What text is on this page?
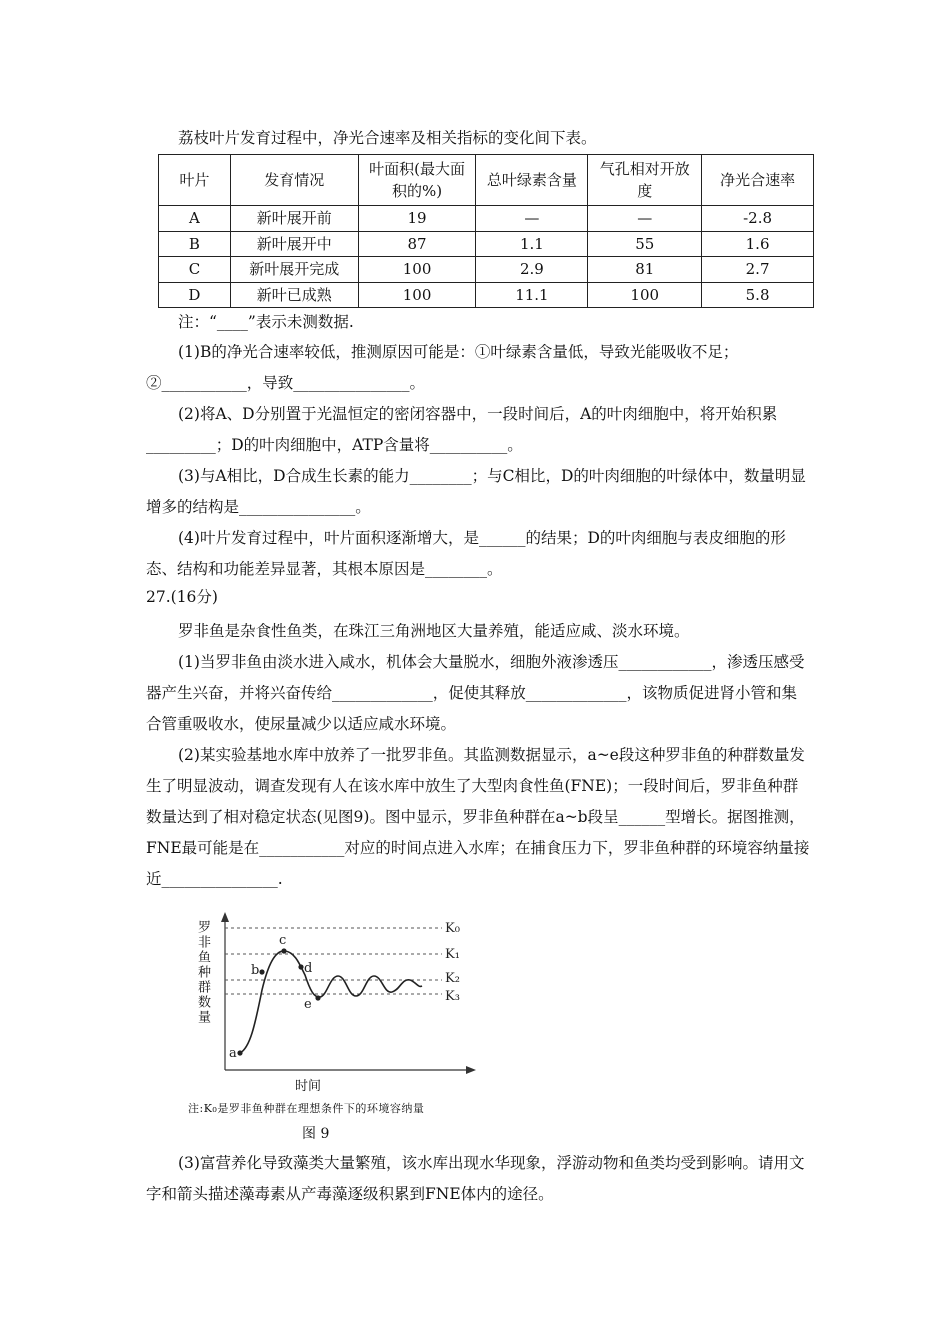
荔枝叶片发育过程中，净光合速率及相关指标的变化间下表。

叶片	发育情况	叶面积(最大面积的%)	总叶绿素含量	气孔相对开放度	净光合速率
A	新叶展开前	19	—	—	-2.8
B	新叶展开中	87	1.1	55	1.6
C	新叶展开完成	100	2.9	81	2.7
D	新叶已成熟	100	11.1	100	5.8
注：“____”表示未测数据.

(1)B的净光合速率较低，推测原因可能是：①叶绿素含量低，导致光能吸收不足；②___________，导致_______________。

(2)将A、D分别置于光温恒定的密闭容器中，一段时间后，A的叶肉细胞中，将开始积累_________；D的叶肉细胞中，ATP含量将__________。

(3)与A相比，D合成生长素的能力________；与C相比，D的叶肉细胞的叶绿体中，数量明显增多的结构是_______________。

(4)叶片发育过程中，叶片面积逐渐增大，是______的结果；D的叶肉细胞与表皮细胞的形态、结构和功能差异显著，其根本原因是________。

27.(16分)

罗非鱼是杂食性鱼类，在珠江三角洲地区大量养殖，能适应咸、淡水环境。

(1)当罗非鱼由淡水进入咸水，机体会大量脱水，细胞外液渗透压____________，渗透压感受器产生兴奋，并将兴奋传给_____________，促使其释放_____________，该物质促进肾小管和集合管重吸收水，使尿量减少以适应咸水环境。

(2)某实验基地水库中放养了一批罗非鱼。其监测数据显示，a~e段这种罗非鱼的种群数量发生了明显波动，调查发现有人在该水库中放生了大型肉食性鱼(FNE)；一段时间后，罗非鱼种群数量达到了相对稳定状态(见图9)。图中显示，罗非鱼种群在a~b段呈______型增长。据图推测，FNE最可能是在___________对应的时间点进入水库；在捕食压力下，罗非鱼种群的环境容纳量接近_______________.

K₀
K₁
K₂
K₃
a
b
c
d
e
罗非鱼种群数量
时间
注:K₀是罗非鱼种群在理想条件下的环境容纳量
图 9

(3)富营养化导致藻类大量繁殖，该水库出现水华现象，浮游动物和鱼类均受到影响。请用文字和箭头描述藻毒素从产毒藻逐级积累到FNE体内的途径。
